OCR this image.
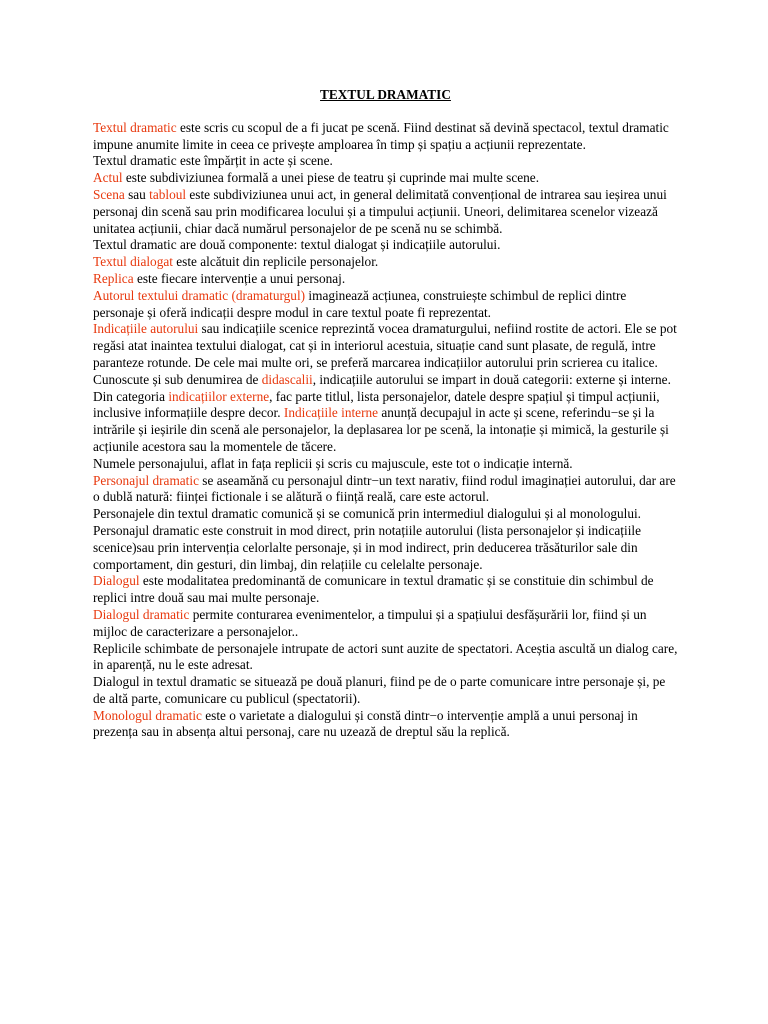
TEXTUL DRAMATIC
Textul dramatic este scris cu scopul de a fi jucat pe scenă. Fiind destinat să devină spectacol, textul dramatic impune anumite limite in ceea ce privește amploarea în timp și spațiu a acțiunii reprezentate.
Textul dramatic este împărțit in acte și scene.
Actul este subdiviziunea formală a unei piese de teatru și cuprinde mai multe scene.
Scena sau tabloul este subdiviziunea unui act, in general delimitată convențional de intrarea sau ieșirea unui personaj din scenă sau prin modificarea locului și a timpului acțiunii. Uneori, delimitarea scenelor vizează unitatea acțiunii, chiar dacă numărul personajelor de pe scenă nu se schimbă.
Textul dramatic are două componente: textul dialogat și indicațiile autorului.
Textul dialogat este alcătuit din replicile personajelor.
Replica este fiecare intervenție a unui personaj.
Autorul textului dramatic (dramaturgul) imaginează acțiunea, construiește schimbul de replici dintre personaje și oferă indicații despre modul in care textul poate fi reprezentat.
Indicațiile autorului sau indicațiile scenice reprezintă vocea dramaturgului, nefiind rostite de actori. Ele se pot regăsi atat inaintea textului dialogat, cat și in interiorul acestuia, situație cand sunt plasate, de regulă, intre paranteze rotunde. De cele mai multe ori, se preferă marcarea indicațiilor autorului prin scrierea cu italice.
Cunoscute și sub denumirea de didascalii, indicațiile autorului se impart in două categorii: externe și interne.
Din categoria indicațiilor externe, fac parte titlul, lista personajelor, datele despre spațiul și timpul acțiunii, inclusive informațiile despre decor. Indicațiile interne anunță decupajul in acte și scene, referindu−se și la intrările și ieșirile din scenă ale personajelor, la deplasarea lor pe scenă, la intonație și mimică, la gesturile și acțiunile acestora sau la momentele de tăcere.
Numele personajului, aflat in fața replicii și scris cu majuscule, este tot o indicație internă.
Personajul dramatic se aseamănă cu personajul dintr−un text narativ, fiind rodul imaginației autorului, dar are o dublă natură: ființei fictionale i se alătură o ființă reală, care este actorul.
Personajele din textul dramatic comunică și se comunică prin intermediul dialogului și al monologului.
Personajul dramatic este construit in mod direct, prin notațiile autorului (lista personajelor și indicațiile scenice)sau prin intervenția celorlalte personaje, și in mod indirect, prin deducerea trăsăturilor sale din comportament, din gesturi, din limbaj, din relațiile cu celelalte personaje.
Dialogul este modalitatea predominantă de comunicare in textul dramatic și se constituie din schimbul de replici intre două sau mai multe personaje.
Dialogul dramatic permite conturarea evenimentelor, a timpului și a spațiului desfășurării lor, fiind și un mijloc de caracterizare a personajelor..
Replicile schimbate de personajele intrupate de actori sunt auzite de spectatori. Aceștia ascultă un dialog care, in aparență, nu le este adresat.
Dialogul in textul dramatic se situează pe două planuri, fiind pe de o parte comunicare intre personaje și, pe de altă parte, comunicare cu publicul (spectatorii).
Monologul dramatic este o varietate a dialogului și constă dintr−o intervenție amplă a unui personaj in prezența sau in absența altui personaj, care nu uzează de dreptul său la replică.
